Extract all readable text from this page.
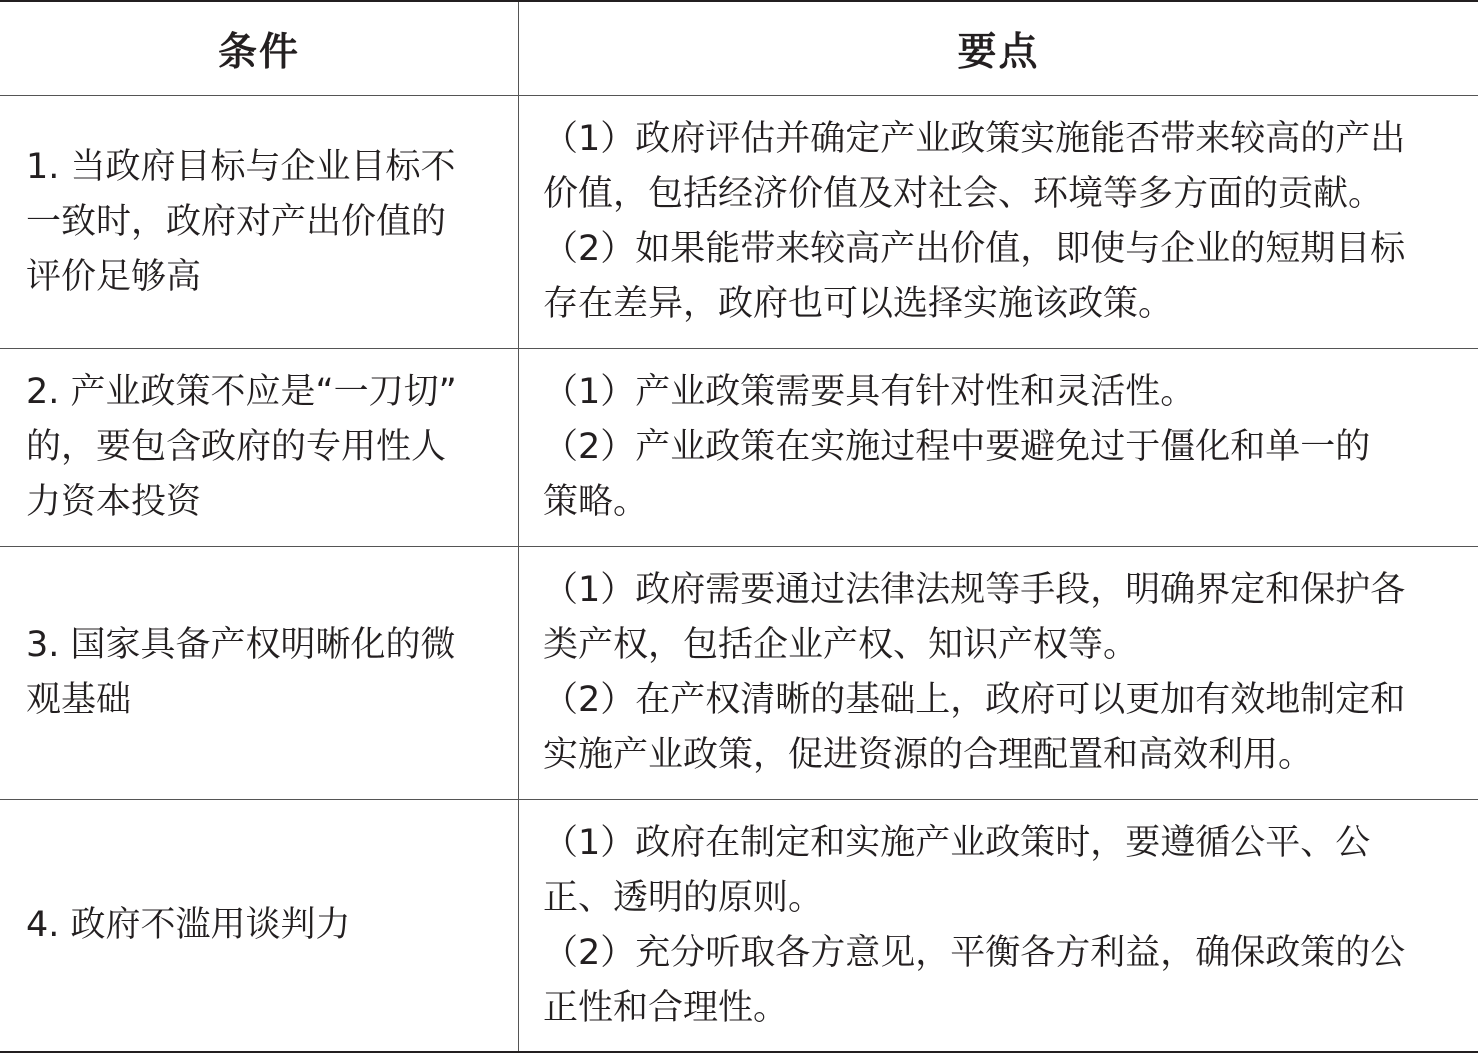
条件	要点
1. 当政府目标与企业目标不
一致时，政府对产出价值的
评价足够高
（1）政府评估并确定产业政策实施能否带来较高的产出
价值，包括经济价值及对社会、环境等多方面的贡献。
（2）如果能带来较高产出价值，即使与企业的短期目标
存在差异，政府也可以选择实施该政策。
2. 产业政策不应是“一刀切”
的，要包含政府的专用性人
力资本投资
（1）产业政策需要具有针对性和灵活性。
（2）产业政策在实施过程中要避免过于僵化和单一的
策略。
3. 国家具备产权明晰化的微
观基础
（1）政府需要通过法律法规等手段，明确界定和保护各
类产权，包括企业产权、知识产权等。
（2）在产权清晰的基础上，政府可以更加有效地制定和
实施产业政策，促进资源的合理配置和高效利用。
4. 政府不滥用谈判力
（1）政府在制定和实施产业政策时，要遵循公平、公
正、透明的原则。
（2）充分听取各方意见，平衡各方利益，确保政策的公
正性和合理性。
